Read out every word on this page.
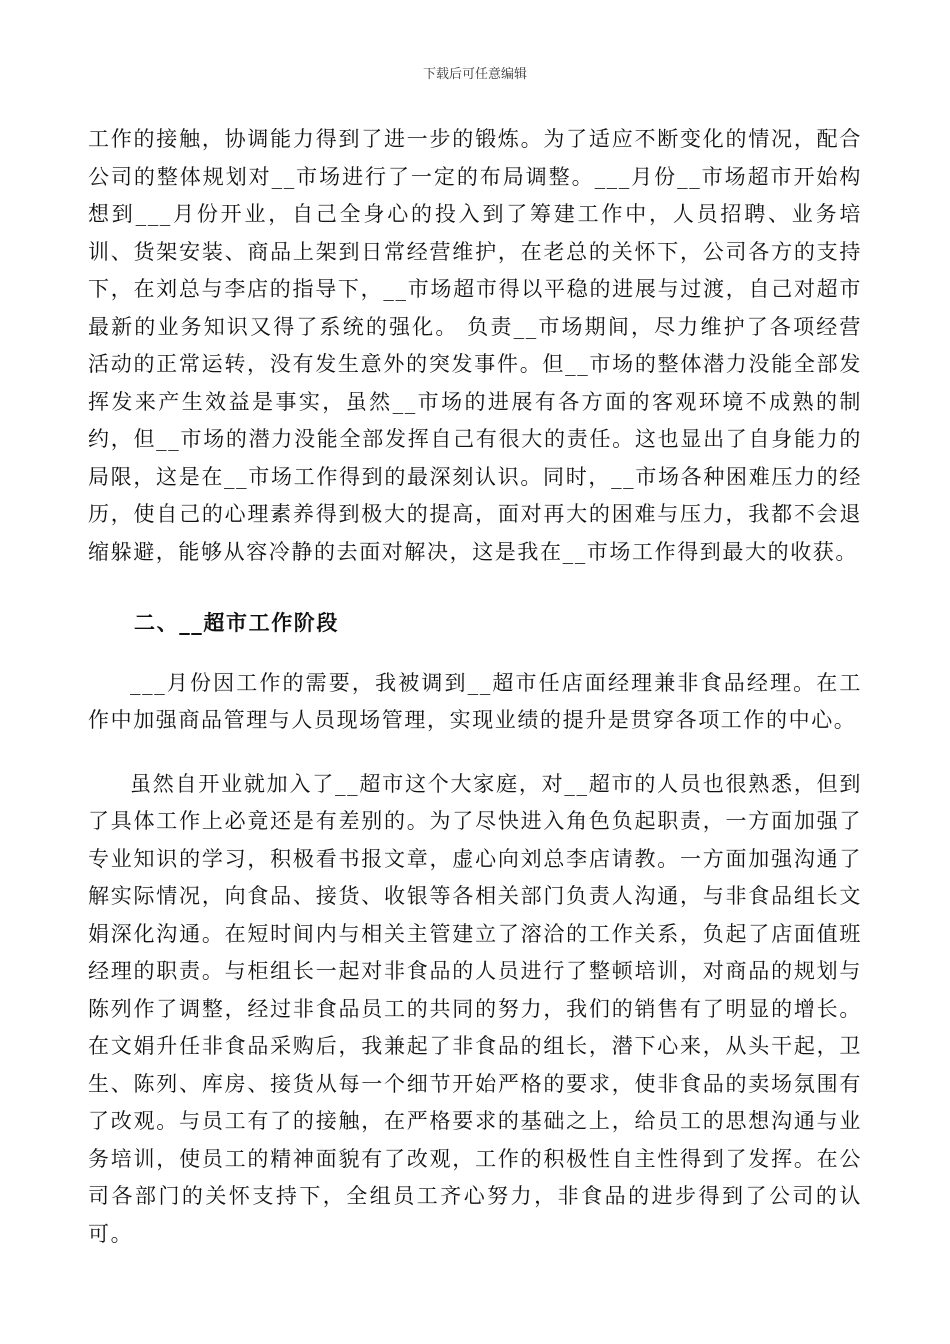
下载后可任意编辑

工作的接触，协调能力得到了进一步的锻炼。为了适应不断变化的情况，配合公司的整体规划对__市场进行了一定的布局调整。___月份__市场超市开始构想到___月份开业，自己全身心的投入到了筹建工作中，人员招聘、业务培训、货架安装、商品上架到日常经营维护，在老总的关怀下，公司各方的支持下，在刘总与李店的指导下，__市场超市得以平稳的进展与过渡，自己对超市最新的业务知识又得了系统的强化。 负责__市场期间，尽力维护了各项经营活动的正常运转，没有发生意外的突发事件。但__市场的整体潜力没能全部发挥发来产生效益是事实，虽然__市场的进展有各方面的客观环境不成熟的制约，但__市场的潜力没能全部发挥自己有很大的责任。这也显出了自身能力的局限，这是在__市场工作得到的最深刻认识。同时，__市场各种困难压力的经历，使自己的心理素养得到极大的提高，面对再大的困难与压力，我都不会退缩躲避，能够从容冷静的去面对解决，这是我在__市场工作得到最大的收获。

二、__超市工作阶段

___月份因工作的需要，我被调到__超市任店面经理兼非食品经理。在工作中加强商品管理与人员现场管理，实现业绩的提升是贯穿各项工作的中心。

虽然自开业就加入了__超市这个大家庭，对__超市的人员也很熟悉，但到了具体工作上必竟还是有差别的。为了尽快进入角色负起职责，一方面加强了专业知识的学习，积极看书报文章，虚心向刘总李店请教。一方面加强沟通了解实际情况，向食品、接货、收银等各相关部门负责人沟通，与非食品组长文娟深化沟通。在短时间内与相关主管建立了溶洽的工作关系，负起了店面值班经理的职责。与柜组长一起对非食品的人员进行了整顿培训，对商品的规划与陈列作了调整，经过非食品员工的共同的努力，我们的销售有了明显的增长。在文娟升任非食品采购后，我兼起了非食品的组长，潜下心来，从头干起，卫生、陈列、库房、接货从每一个细节开始严格的要求，使非食品的卖场氛围有了改观。与员工有了的接触，在严格要求的基础之上，给员工的思想沟通与业务培训，使员工的精神面貌有了改观，工作的积极性自主性得到了发挥。在公司各部门的关怀支持下，全组员工齐心努力，非食品的进步得到了公司的认可。
